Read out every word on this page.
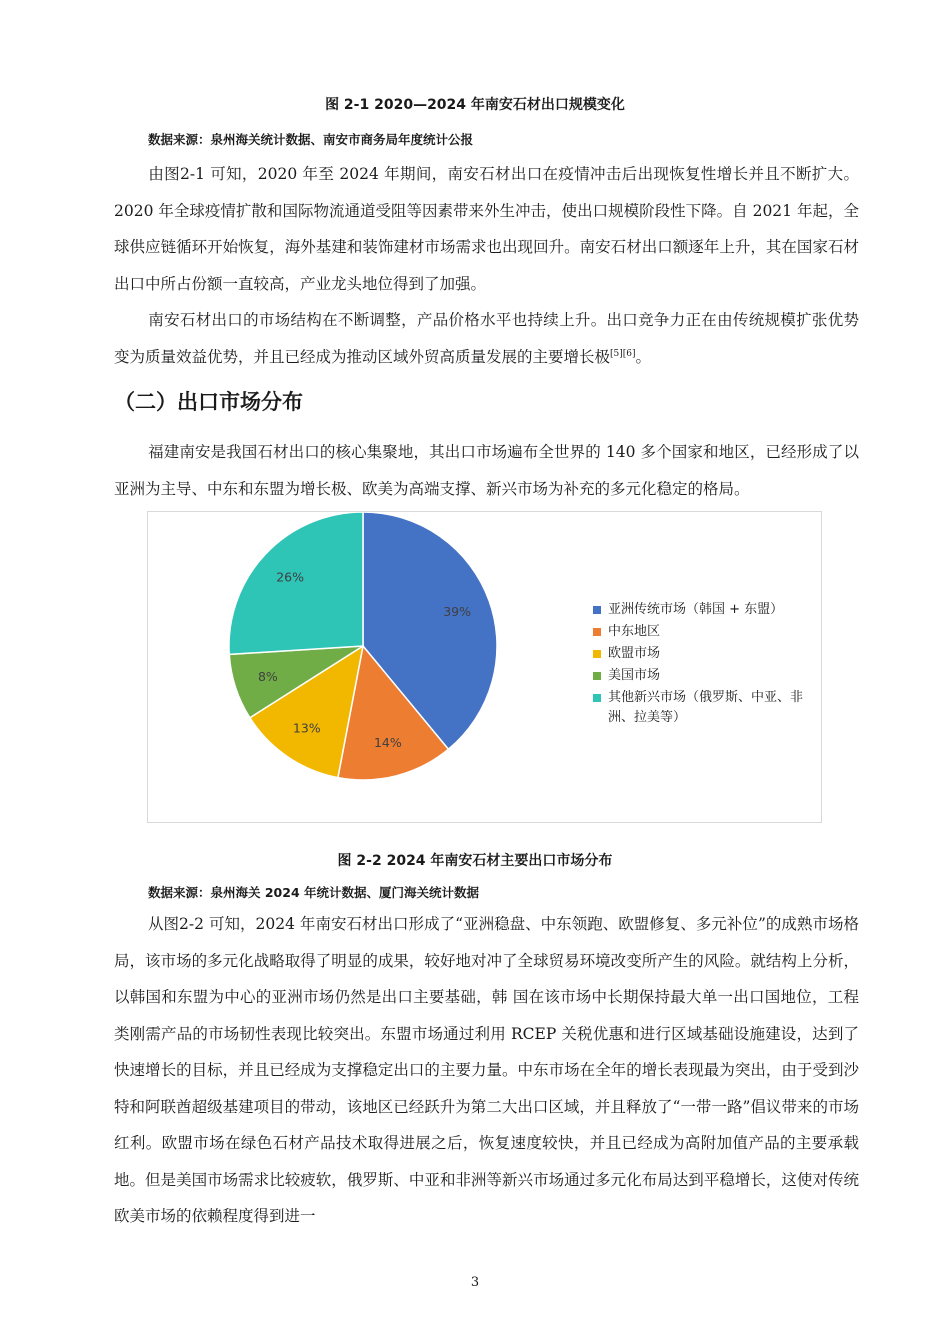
图 2-1 2020—2024 年南安石材出口规模变化
数据来源：泉州海关统计数据、南安市商务局年度统计公报

由图2-1 可知，2020 年至 2024 年期间，南安石材出口在疫情冲击后出现恢复性增长并且不断扩大。2020 年全球疫情扩散和国际物流通道受阻等因素带来外生冲击，使出口规模阶段性下降。自 2021 年起，全球供应链循环开始恢复，海外基建和装饰建材市场需求也出现回升。南安石材出口额逐年上升，其在国家石材出口中所占份额一直较高，产业龙头地位得到了加强。

南安石材出口的市场结构在不断调整，产品价格水平也持续上升。出口竞争力正在由传统规模扩张优势变为质量效益优势，并且已经成为推动区域外贸高质量发展的主要增长极[5][6]。

（二）出口市场分布

福建南安是我国石材出口的核心集聚地，其出口市场遍布全世界的 140 多个国家和地区，已经形成了以亚洲为主导、中东和东盟为增长极、欧美为高端支撑、新兴市场为补充的多元化稳定的格局。

39%
14%
13%
8%
26%
亚洲传统市场（韩国 + 东盟）
中东地区
欧盟市场
美国市场
其他新兴市场（俄罗斯、中亚、非洲、拉美等）
图 2-2 2024 年南安石材主要出口市场分布
数据来源：泉州海关 2024 年统计数据、厦门海关统计数据

从图2-2 可知，2024 年南安石材出口形成了“亚洲稳盘、中东领跑、欧盟修复、多元补位”的成熟市场格局，该市场的多元化战略取得了明显的成果，较好地对冲了全球贸易环境改变所产生的风险。就结构上分析，以韩国和东盟为中心的亚洲市场仍然是出口主要基础，韩 国在该市场中长期保持最大单一出口国地位，工程类刚需产品的市场韧性表现比较突出。东盟市场通过利用 RCEP 关税优惠和进行区域基础设施建设，达到了快速增长的目标，并且已经成为支撑稳定出口的主要力量。中东市场在全年的增长表现最为突出，由于受到沙特和阿联酋超级基建项目的带动，该地区已经跃升为第二大出口区域，并且释放了“一带一路”倡议带来的市场红利。欧盟市场在绿色石材产品技术取得进展之后，恢复速度较快，并且已经成为高附加值产品的主要承载地。但是美国市场需求比较疲软，俄罗斯、中亚和非洲等新兴市场通过多元化布局达到平稳增长，这使对传统欧美市场的依赖程度得到进一

3
